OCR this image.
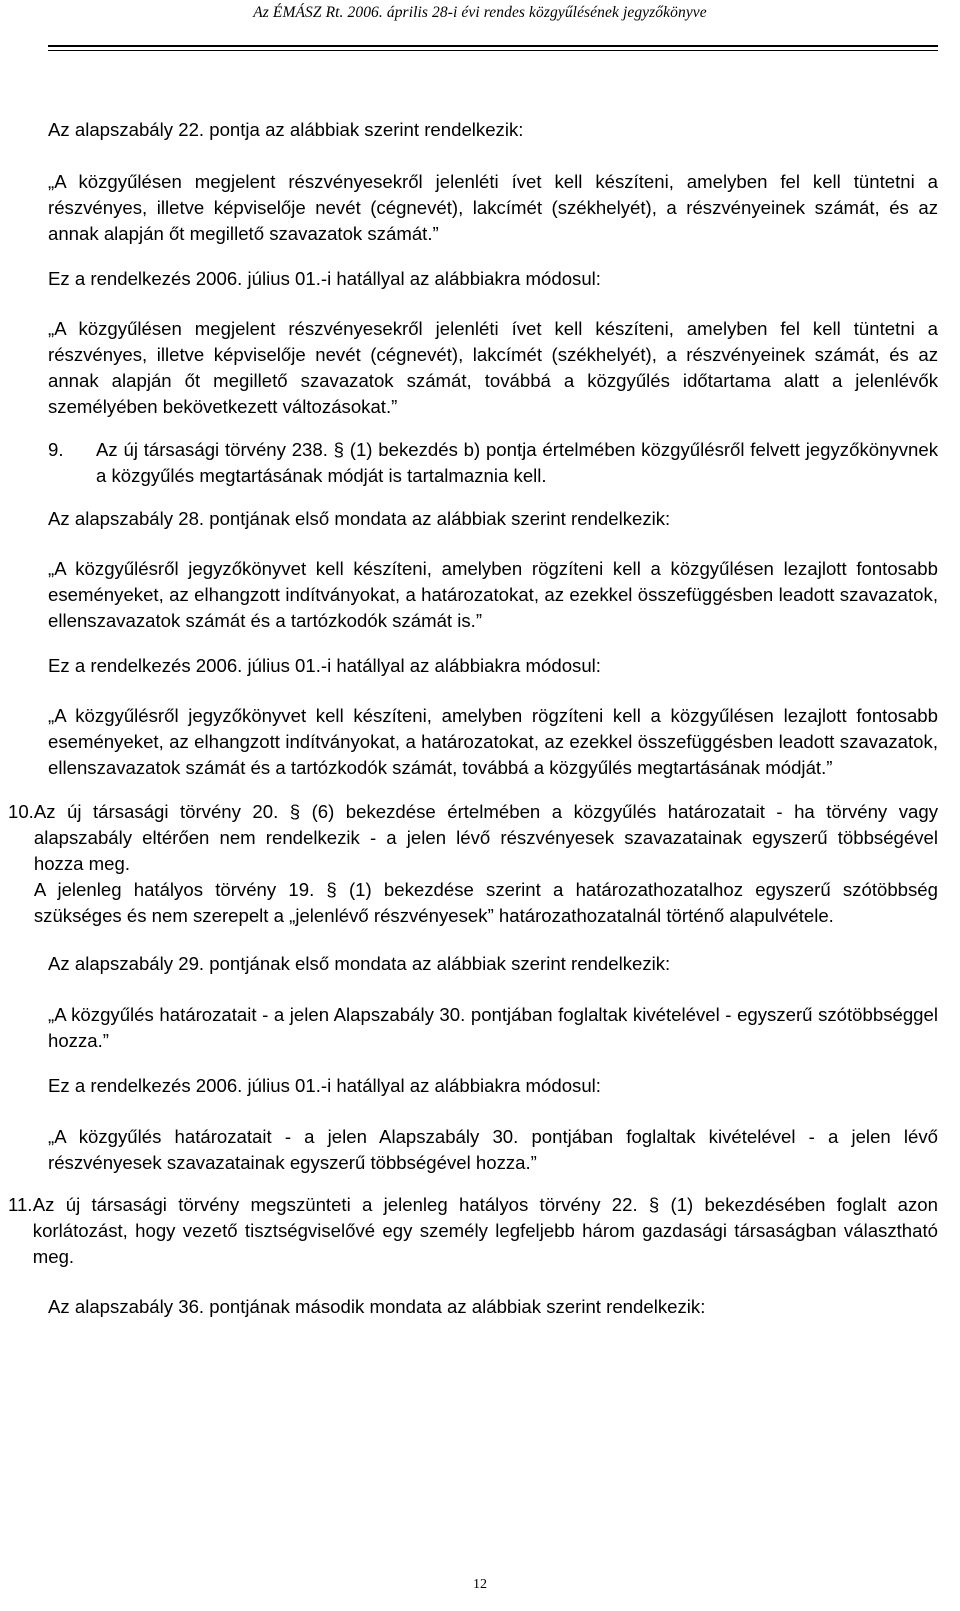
Az ÉMÁSZ Rt. 2006. április 28-i évi rendes közgyűlésének jegyzőkönyve

Az alapszabály 22. pontja az alábbiak szerint rendelkezik:

„A közgyűlésen megjelent részvényesekről jelenléti ívet kell készíteni, amelyben fel kell tüntetni a részvényes, illetve képviselője nevét (cégnevét), lakcímét (székhelyét), a részvényeinek számát, és az annak alapján őt megillető szavazatok számát.”

Ez a rendelkezés 2006. július 01.-i hatállyal az alábbiakra módosul:

„A közgyűlésen megjelent részvényesekről jelenléti ívet kell készíteni, amelyben fel kell tüntetni a részvényes, illetve képviselője nevét (cégnevét), lakcímét (székhelyét), a részvényeinek számát, és az annak alapján őt megillető szavazatok számát, továbbá a közgyűlés időtartama alatt a jelenlévők személyében bekövetkezett változásokat.”

9.	Az új társasági törvény 238. § (1) bekezdés b) pontja értelmében közgyűlésről felvett jegyzőkönyvnek a közgyűlés megtartásának módját is tartalmaznia kell.

Az alapszabály 28. pontjának első mondata az alábbiak szerint rendelkezik:

„A közgyűlésről jegyzőkönyvet kell készíteni, amelyben rögzíteni kell a közgyűlésen lezajlott fontosabb eseményeket, az elhangzott indítványokat, a határozatokat, az ezekkel összefüggésben leadott szavazatok, ellenszavazatok számát és a tartózkodók számát is.”

Ez a rendelkezés 2006. július 01.-i hatállyal az alábbiakra módosul:

„A közgyűlésről jegyzőkönyvet kell készíteni, amelyben rögzíteni kell a közgyűlésen lezajlott fontosabb eseményeket, az elhangzott indítványokat, a határozatokat, az ezekkel összefüggésben leadott szavazatok, ellenszavazatok számát és a tartózkodók számát, továbbá a közgyűlés megtartásának módját.”

10. Az új társasági törvény 20. § (6) bekezdése értelmében a közgyűlés határozatait - ha törvény vagy alapszabály eltérően nem rendelkezik - a jelen lévő részvényesek szavazatainak egyszerű többségével hozza meg.

A jelenleg hatályos törvény 19. § (1) bekezdése szerint a határozathozatalhoz egyszerű szótöbbség szükséges és nem szerepelt a „jelenlévő részvényesek” határozathozatalnál történő alapulvétele.

Az alapszabály 29. pontjának első mondata az alábbiak szerint rendelkezik:

„A közgyűlés határozatait - a jelen Alapszabály 30. pontjában foglaltak kivételével - egyszerű szótöbbséggel hozza.”

Ez a rendelkezés 2006. július 01.-i hatállyal az alábbiakra módosul:

„A közgyűlés határozatait - a jelen Alapszabály 30. pontjában foglaltak kivételével - a jelen lévő részvényesek szavazatainak egyszerű többségével hozza.”

11. Az új társasági törvény megszünteti a jelenleg hatályos törvény 22. § (1) bekezdésében foglalt azon korlátozást, hogy vezető tisztségviselővé egy személy legfeljebb három gazdasági társaságban választható meg.

Az alapszabály 36. pontjának második mondata az alábbiak szerint rendelkezik:

12
